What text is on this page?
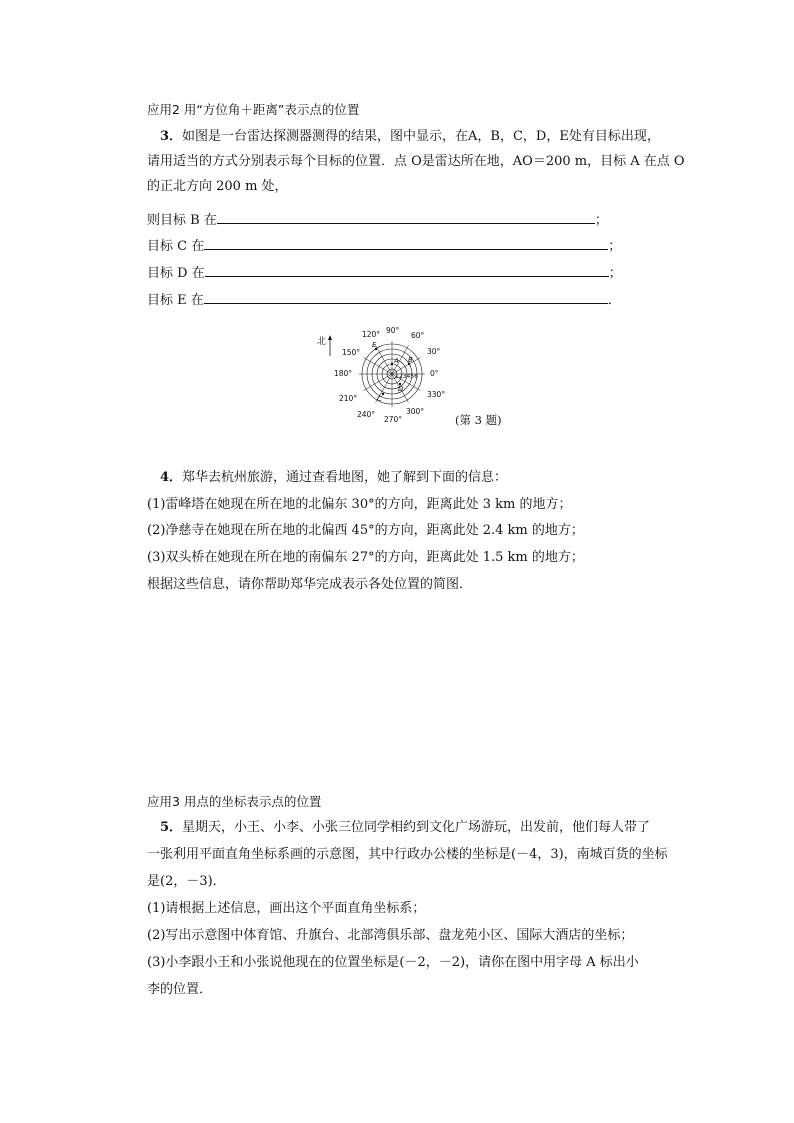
应用2 用“方位角＋距离”表示点的位置
3．如图是一台雷达探测器测得的结果，图中显示，在A，B，C，D，E处有目标出现，
请用适当的方式分别表示每个目标的位置．点 O是雷达所在地，AO＝200 m，目标 A 在点 O
的正北方向 200 m 处，
则目标 B 在	；
目标 C 在	；
目标 D 在	；
目标 E 在	．
北
123456
90°
60°
30°
0°
330°
300°
270°
240°
210°
180°
150°
120°
A B
C
D
E
(第 3 题)
4．郑华去杭州旅游，通过查看地图，她了解到下面的信息：
(1)雷峰塔在她现在所在地的北偏东 30°的方向，距离此处 3 km 的地方；
(2)净慈寺在她现在所在地的北偏西 45°的方向，距离此处 2.4 km 的地方；
(3)双头桥在她现在所在地的南偏东 27°的方向，距离此处 1.5 km 的地方；
根据这些信息，请你帮助郑华完成表示各处位置的简图．
应用3 用点的坐标表示点的位置
5．星期天，小王、小李、小张三位同学相约到文化广场游玩，出发前，他们每人带了
一张利用平面直角坐标系画的示意图，其中行政办公楼的坐标是(－4，3)，南城百货的坐标
是(2，－3)．
(1)请根据上述信息，画出这个平面直角坐标系；
(2)写出示意图中体育馆、升旗台、北部湾俱乐部、盘龙苑小区、国际大酒店的坐标；
(3)小李跟小王和小张说他现在的位置坐标是(－2，－2)，请你在图中用字母 A 标出小
李的位置．
